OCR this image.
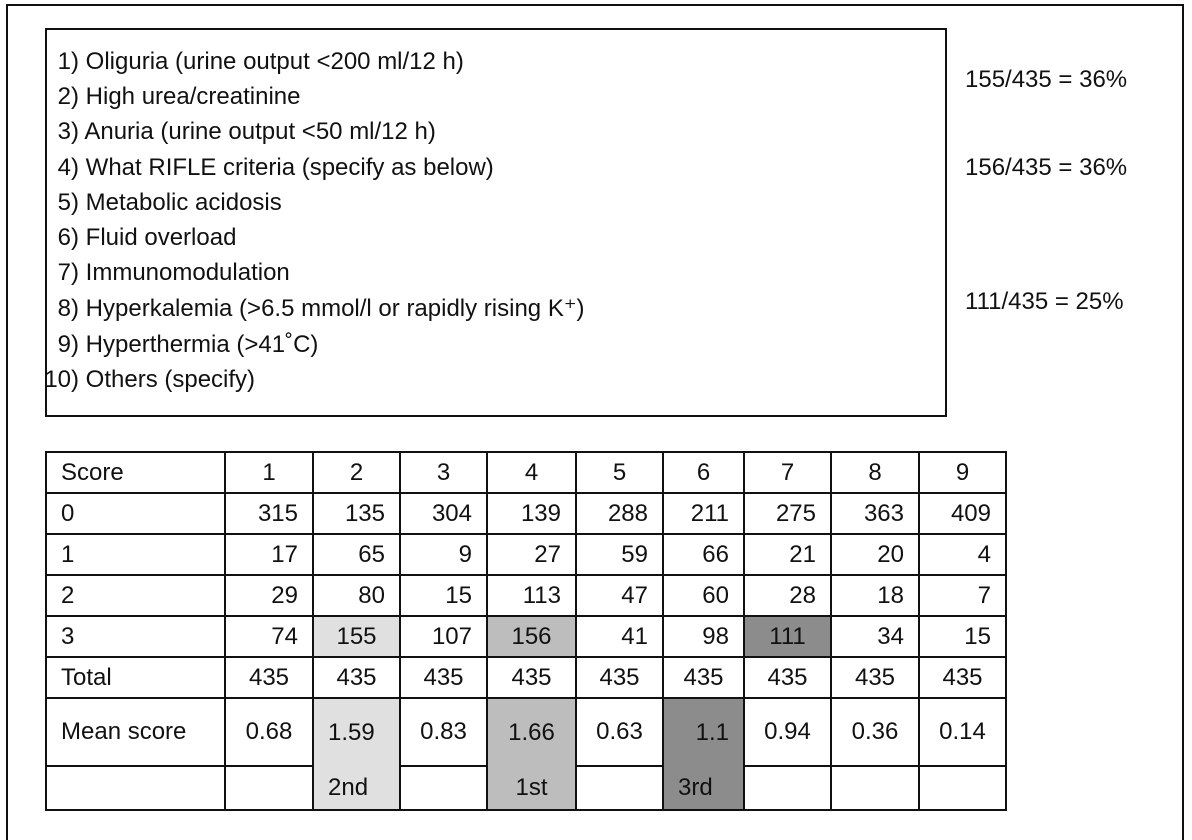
1) Oliguria (urine output <200 ml/12 h)
2) High urea/creatinine
3) Anuria (urine output <50 ml/12 h)
4) What RIFLE criteria (specify as below)
5) Metabolic acidosis
6) Fluid overload
7) Immunomodulation
8) Hyperkalemia (>6.5 mmol/l or rapidly rising K⁺)
9) Hyperthermia (>41˚C)
10) Others (specify)
155/435 = 36%
156/435 = 36%
111/435 = 25%
Score	1	2	3	4	5	6	7	8	9
0	315	135	304	139	288	211	275	363	409
1	17	65	9	27	59	66	21	20	4
2	29	80	15	113	47	60	28	18	7
3	74	155	107	156	41	98	111	34	15
Total	435	435	435	435	435	435	435	435	435
Mean score	0.68	1.59	0.83	1.66	0.63	1.1	0.94	0.36	0.14
		2nd		1st		3rd			
